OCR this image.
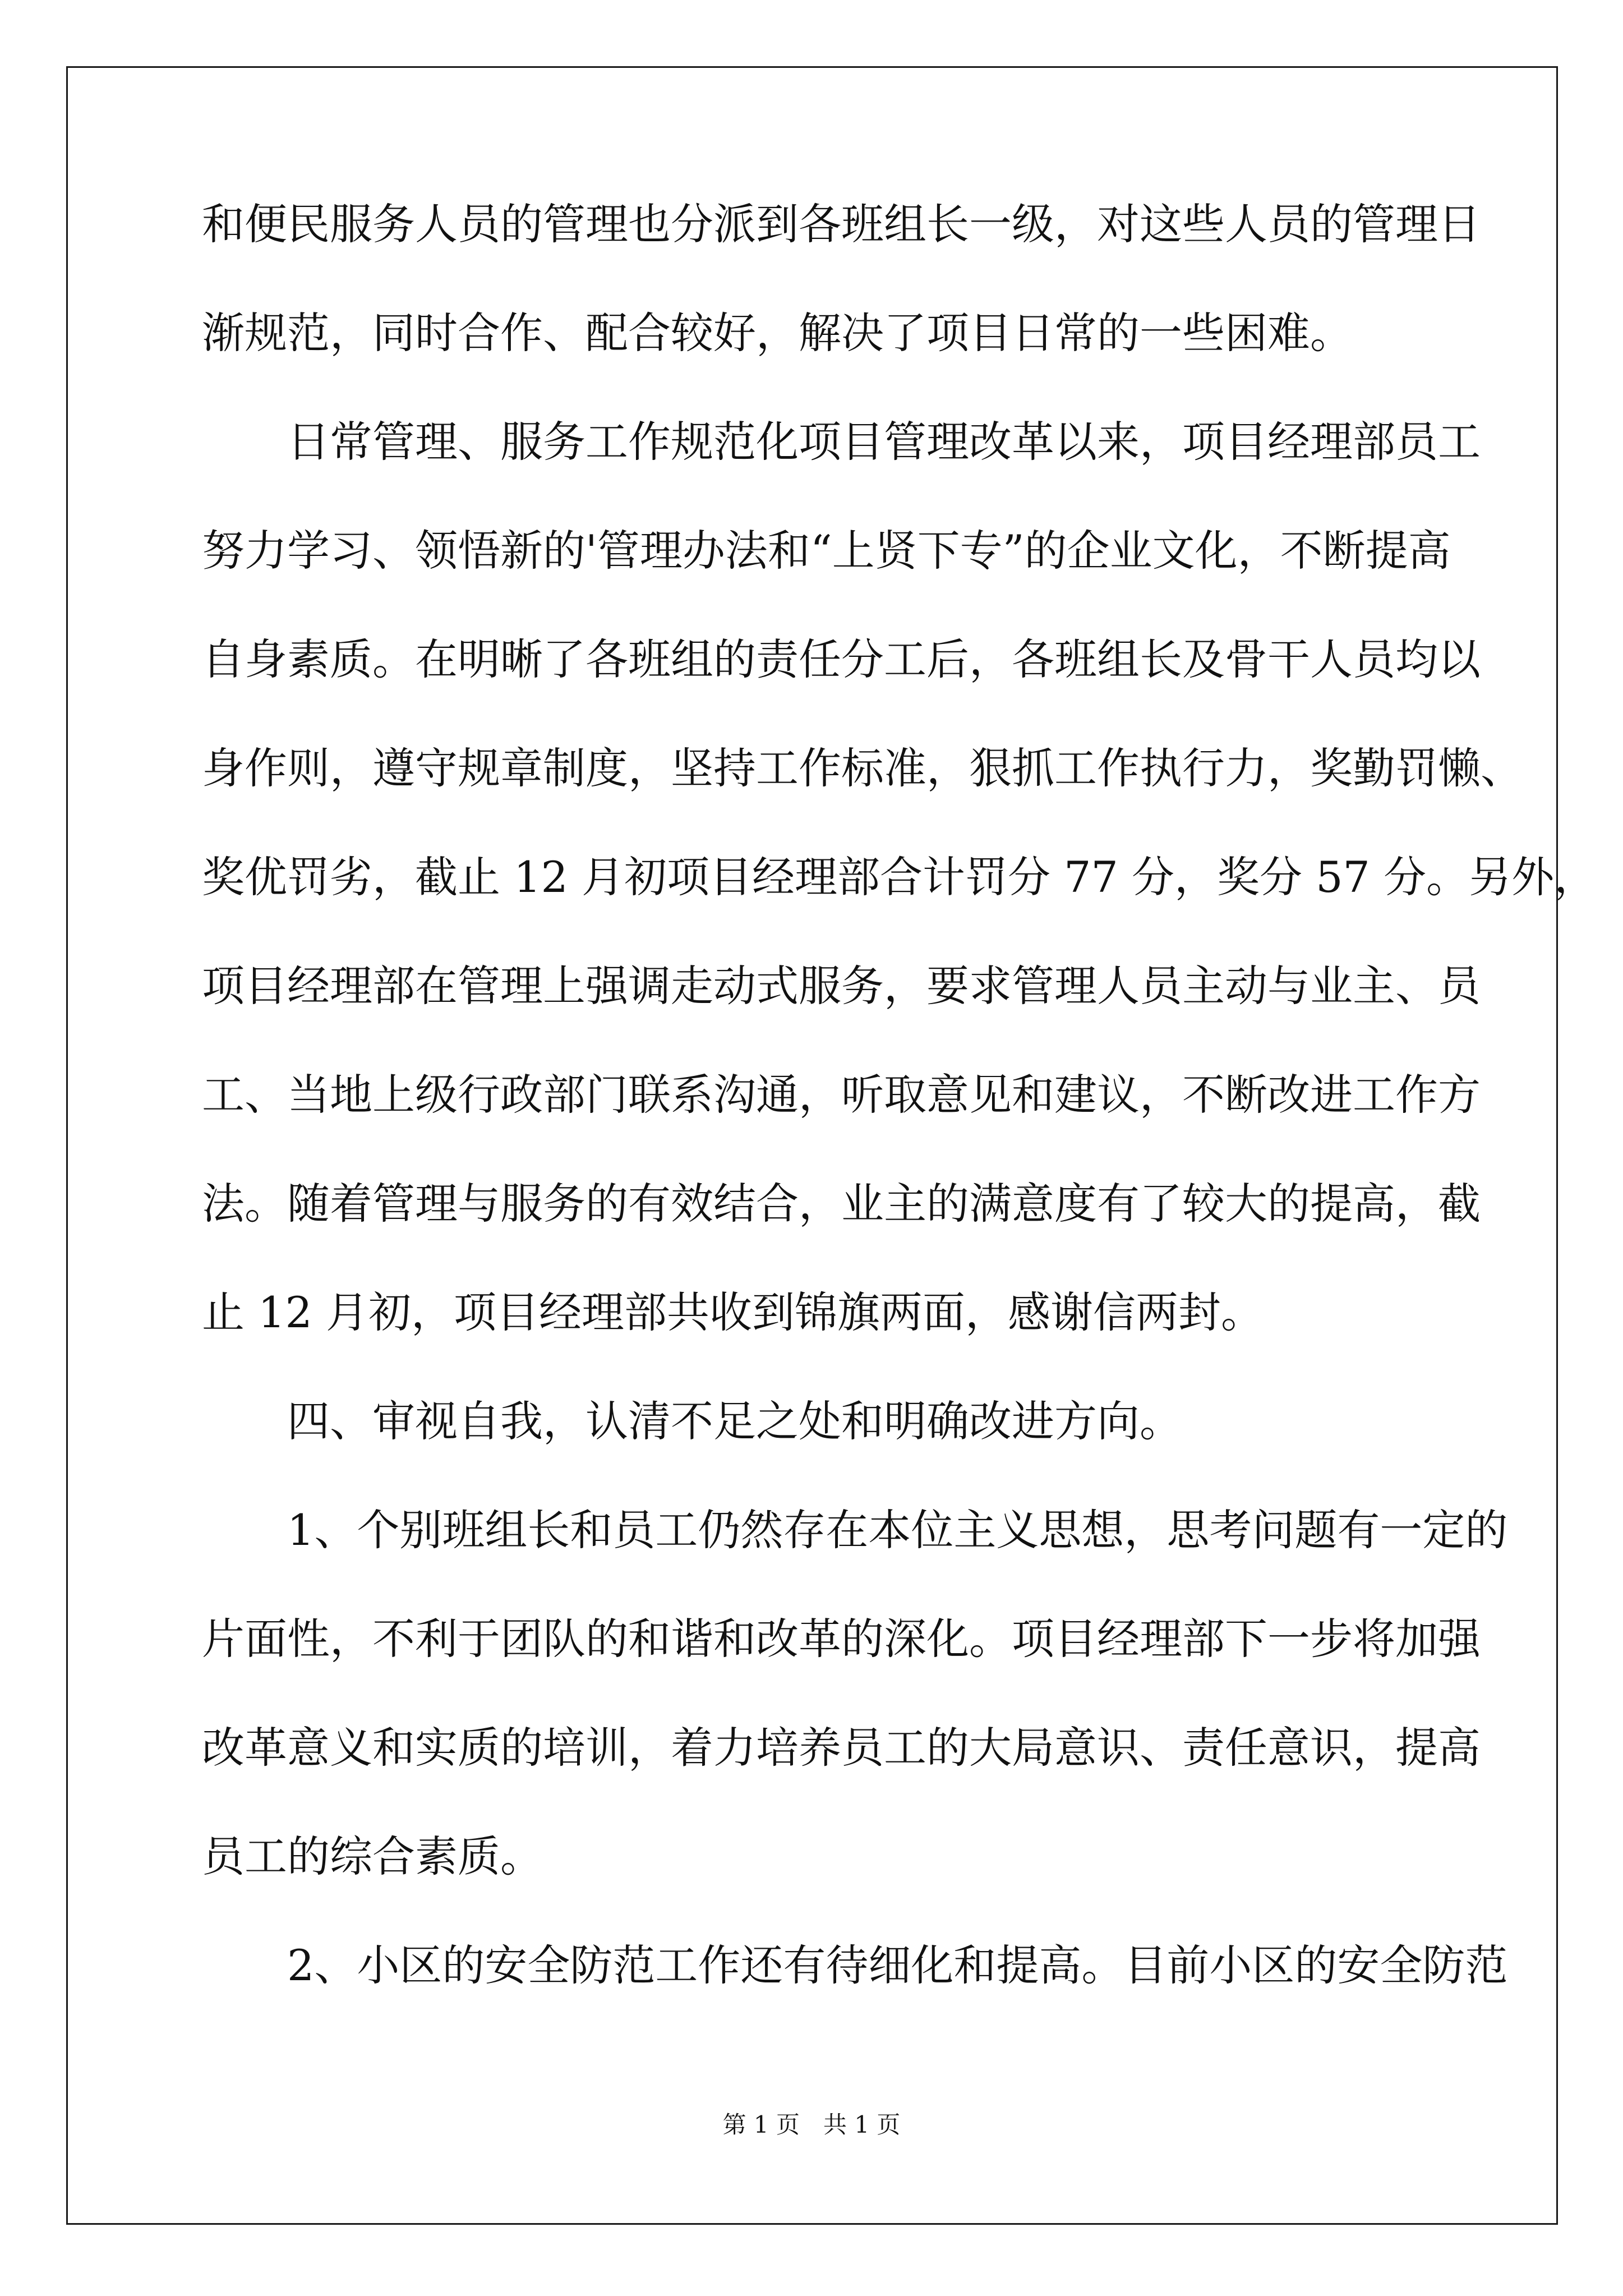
和便民服务人员的管理也分派到各班组长一级，对这些人员的管理日
渐规范，同时合作、配合较好，解决了项目日常的一些困难。
日常管理、服务工作规范化项目管理改革以来，项目经理部员工
努力学习、领悟新的'管理办法和“上贤下专”的企业文化，不断提高
自身素质。在明晰了各班组的责任分工后，各班组长及骨干人员均以
身作则，遵守规章制度，坚持工作标准，狠抓工作执行力，奖勤罚懒、
奖优罚劣，截止 12 月初项目经理部合计罚分 77 分，奖分 57 分。另外，
项目经理部在管理上强调走动式服务，要求管理人员主动与业主、员
工、当地上级行政部门联系沟通，听取意见和建议，不断改进工作方
法。随着管理与服务的有效结合，业主的满意度有了较大的提高，截
止 12 月初，项目经理部共收到锦旗两面，感谢信两封。
四、审视自我，认清不足之处和明确改进方向。
1、个别班组长和员工仍然存在本位主义思想，思考问题有一定的
片面性，不利于团队的和谐和改革的深化。项目经理部下一步将加强
改革意义和实质的培训，着力培养员工的大局意识、责任意识，提高
员工的综合素质。
2、小区的安全防范工作还有待细化和提高。目前小区的安全防范
第 1 页　共 1 页
